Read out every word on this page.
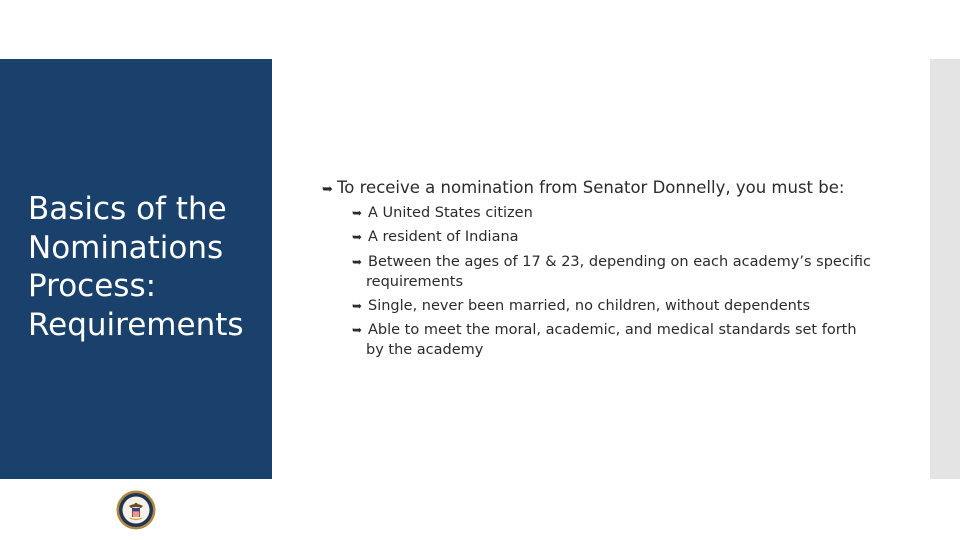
Basics of the
Nominations
Process:
Requirements
➥ To receive a nomination from Senator Donnelly, you must be:
➥ A United States citizen
➥ A resident of Indiana
➥ Between the ages of 17 & 23, depending on each academy’s specific
requirements
➥ Single, never been married, no children, without dependents
➥ Able to meet the moral, academic, and medical standards set forth
by the academy
